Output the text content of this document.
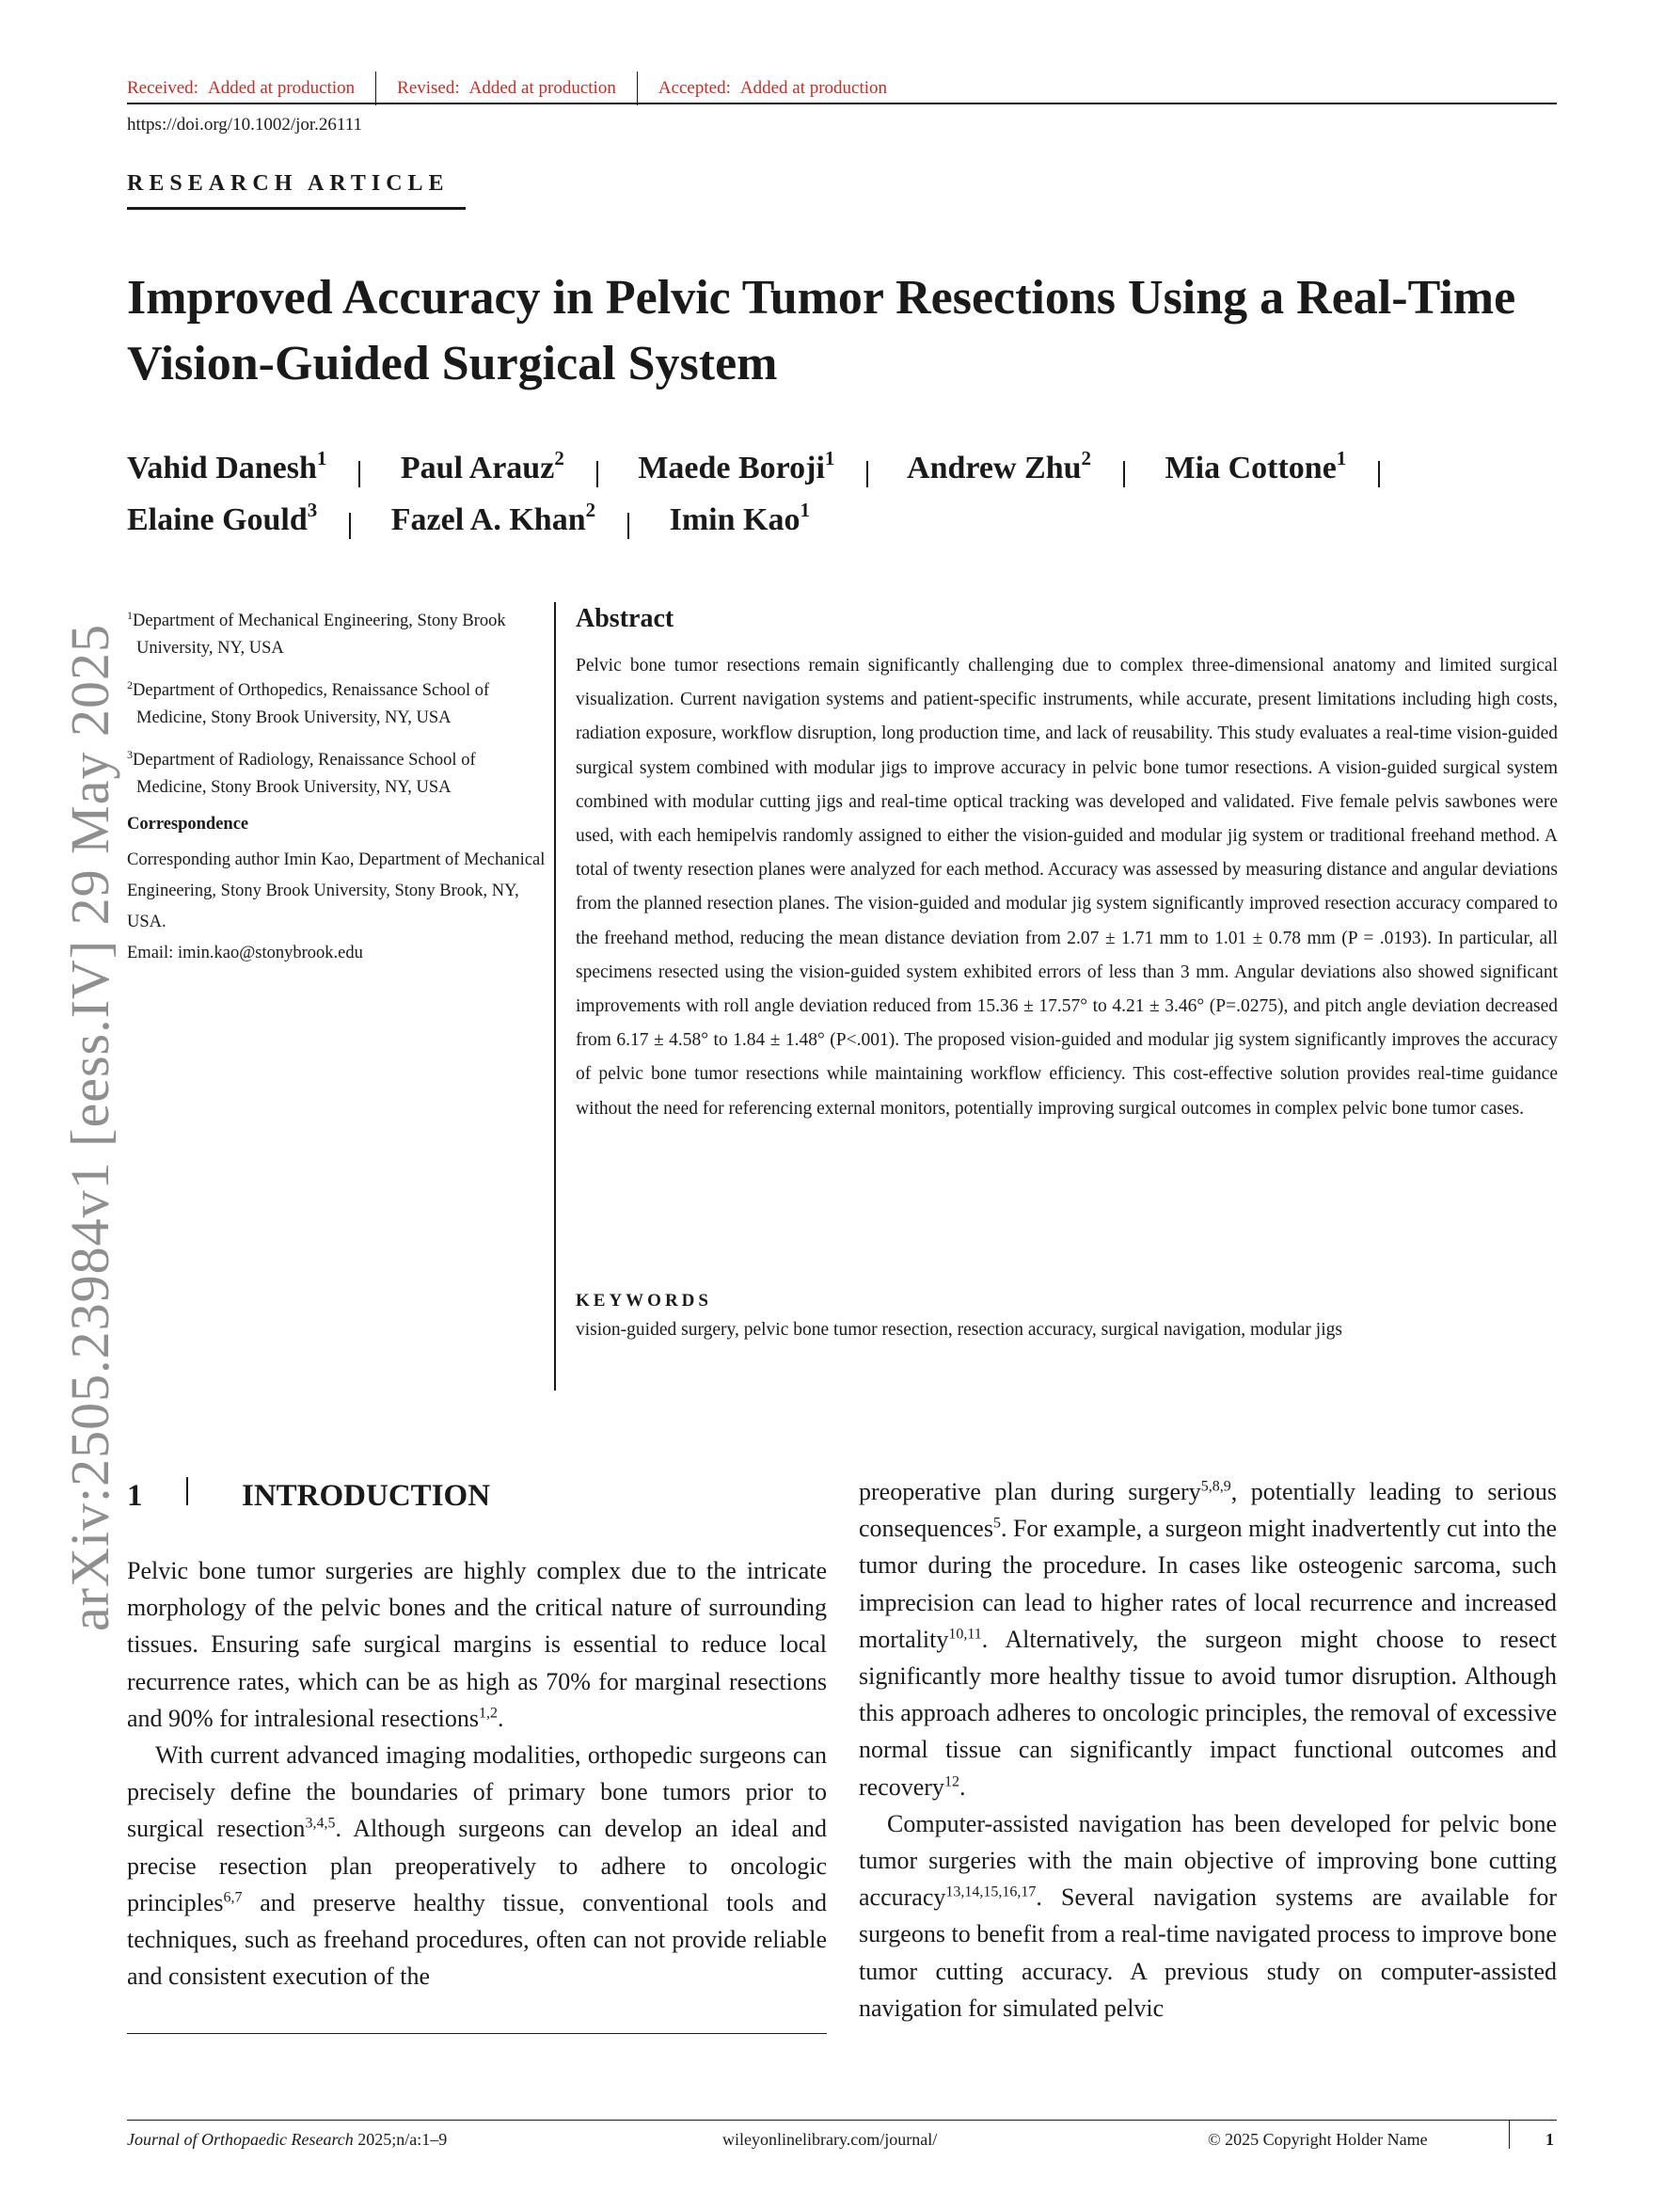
Received: Added at production Revised: Added at production Accepted: Added at production
https://doi.org/10.1002/jor.26111
RESEARCH ARTICLE
Improved Accuracy in Pelvic Tumor Resections Using a Real-Time Vision-Guided Surgical System
Vahid Danesh$^1$ Paul Arauz$^2$ Maede Boroji$^1$ Andrew Zhu$^2$ Mia Cottone$^1$ Elaine Gould$^3$ Fazel A. Khan$^2$ Imin Kao$^1$
arXiv:2505.23984v1 [eess.IV] 29 May 2025
$^1$Department of Mechanical Engineering, Stony Brook University, NY, USA
$^2$Department of Orthopedics, Renaissance School of Medicine, Stony Brook University, NY, USA
$^3$Department of Radiology, Renaissance School of Medicine, Stony Brook University, NY, USA
Correspondence
Corresponding author Imin Kao, Department of Mechanical Engineering, Stony Brook University, Stony Brook, NY, USA.
Email: imin.kao@stonybrook.edu
Abstract
Pelvic bone tumor resections remain significantly challenging due to complex three-dimensional anatomy and limited surgical visualization. Current navigation systems and patient-specific instruments, while accurate, present limitations including high costs, radiation exposure, workflow disruption, long production time, and lack of reusability. This study evaluates a real-time vision-guided surgical system combined with modular jigs to improve accuracy in pelvic bone tumor resections. A vision-guided surgical system combined with modular cutting jigs and real-time optical tracking was developed and validated. Five female pelvis sawbones were used, with each hemipelvis randomly assigned to either the vision-guided and modular jig system or traditional freehand method. A total of twenty resection planes were analyzed for each method. Accuracy was assessed by measuring distance and angular deviations from the planned resection planes. The vision-guided and modular jig system significantly improved resection accuracy compared to the freehand method, reducing the mean distance deviation from 2.07 ± 1.71 mm to 1.01 ± 0.78 mm (P = .0193). In particular, all specimens resected using the vision-guided system exhibited errors of less than 3 mm. Angular deviations also showed significant improvements with roll angle deviation reduced from 15.36 ± 17.57° to 4.21 ± 3.46° (P=.0275), and pitch angle deviation decreased from 6.17 ± 4.58° to 1.84 ± 1.48° (P<.001). The proposed vision-guided and modular jig system significantly improves the accuracy of pelvic bone tumor resections while maintaining workflow efficiency. This cost-effective solution provides real-time guidance without the need for referencing external monitors, potentially improving surgical outcomes in complex pelvic bone tumor cases.
KEYWORDS
vision-guided surgery, pelvic bone tumor resection, resection accuracy, surgical navigation, modular jigs
1	INTRODUCTION

Pelvic bone tumor surgeries are highly complex due to the intricate morphology of the pelvic bones and the critical nature of surrounding tissues. Ensuring safe surgical margins is essential to reduce local recurrence rates, which can be as high as 70% for marginal resections and 90% for intralesional resections$^{1,2}$.

With current advanced imaging modalities, orthopedic surgeons can precisely define the boundaries of primary bone tumors prior to surgical resection$^{3,4,5}$. Although surgeons can develop an ideal and precise resection plan preoperatively to adhere to oncologic principles$^{6,7}$ and preserve healthy tissue, conventional tools and techniques, such as freehand procedures, often can not provide reliable and consistent execution of the

preoperative plan during surgery$^{5,8,9}$, potentially leading to serious consequences$^5$. For example, a surgeon might inadvertently cut into the tumor during the procedure. In cases like osteogenic sarcoma, such imprecision can lead to higher rates of local recurrence and increased mortality$^{10,11}$. Alternatively, the surgeon might choose to resect significantly more healthy tissue to avoid tumor disruption. Although this approach adheres to oncologic principles, the removal of excessive normal tissue can significantly impact functional outcomes and recovery$^{12}$.

Computer-assisted navigation has been developed for pelvic bone tumor surgeries with the main objective of improving bone cutting accuracy$^{13,14,15,16,17}$. Several navigation systems are available for surgeons to benefit from a real-time navigated process to improve bone tumor cutting accuracy. A previous study on computer-assisted navigation for simulated pelvic

Journal of Orthopaedic Research 2025;n/a:1–9	wileyonlinelibrary.com/journal/	© 2025 Copyright Holder Name	1
